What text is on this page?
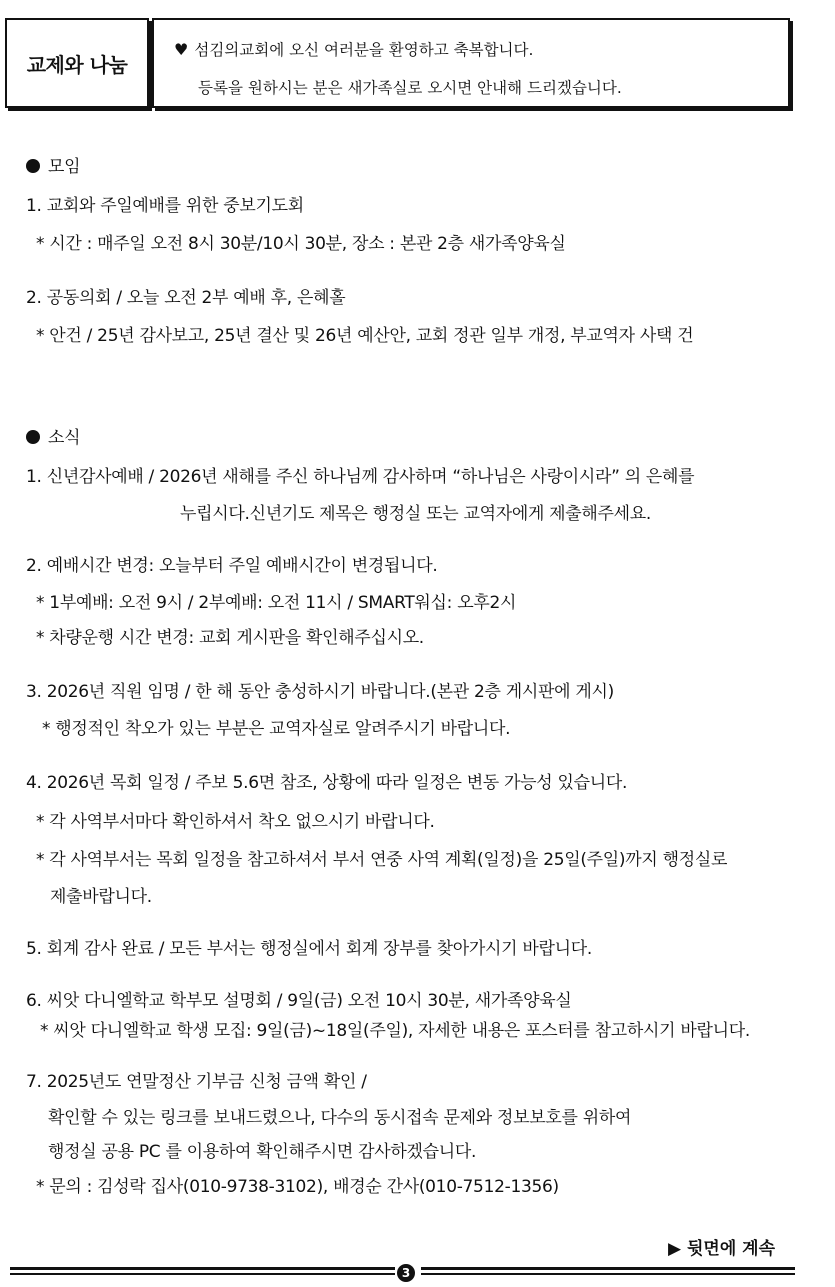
교제와 나눔
♥ 섬김의교회에 오신 여러분을 환영하고 축복합니다.
등록을 원하시는 분은 새가족실로 오시면 안내해 드리겠습니다.
모임
1. 교회와 주일예배를 위한 중보기도회
* 시간 : 매주일 오전 8시 30분/10시 30분, 장소 : 본관 2층 새가족양육실
2. 공동의회 / 오늘 오전 2부 예배 후, 은혜홀
* 안건 / 25년 감사보고, 25년 결산 및 26년 예산안, 교회 정관 일부 개정, 부교역자 사택 건
소식
1. 신년감사예배 / 2026년 새해를 주신 하나님께 감사하며 “하나님은 사랑이시라” 의 은혜를
누립시다.신년기도 제목은 행정실 또는 교역자에게 제출해주세요.
2. 예배시간 변경: 오늘부터 주일 예배시간이 변경됩니다.
* 1부예배: 오전 9시 / 2부예배: 오전 11시 / SMART워십: 오후2시
* 차량운행 시간 변경: 교회 게시판을 확인해주십시오.
3. 2026년 직원 임명 / 한 해 동안 충성하시기 바랍니다.(본관 2층 게시판에 게시)
* 행정적인 착오가 있는 부분은 교역자실로 알려주시기 바랍니다.
4. 2026년 목회 일정 / 주보 5.6면 참조, 상황에 따라 일정은 변동 가능성 있습니다.
* 각 사역부서마다 확인하셔서 착오 없으시기 바랍니다.
* 각 사역부서는 목회 일정을 참고하셔서 부서 연중 사역 계획(일정)을 25일(주일)까지 행정실로
제출바랍니다.
5. 회계 감사 완료 / 모든 부서는 행정실에서 회계 장부를 찾아가시기 바랍니다.
6. 씨앗 다니엘학교 학부모 설명회 / 9일(금) 오전 10시 30분, 새가족양육실
* 씨앗 다니엘학교 학생 모집: 9일(금)~18일(주일), 자세한 내용은 포스터를 참고하시기 바랍니다.
7. 2025년도 연말정산 기부금 신청 금액 확인 /
확인할 수 있는 링크를 보내드렸으나, 다수의 동시접속 문제와 정보보호를 위하여
행정실 공용 PC 를 이용하여 확인해주시면 감사하겠습니다.
* 문의 : 김성락 집사(010-9738-3102), 배경순 간사(010-7512-1356)
▶ 뒷면에 계속
3
